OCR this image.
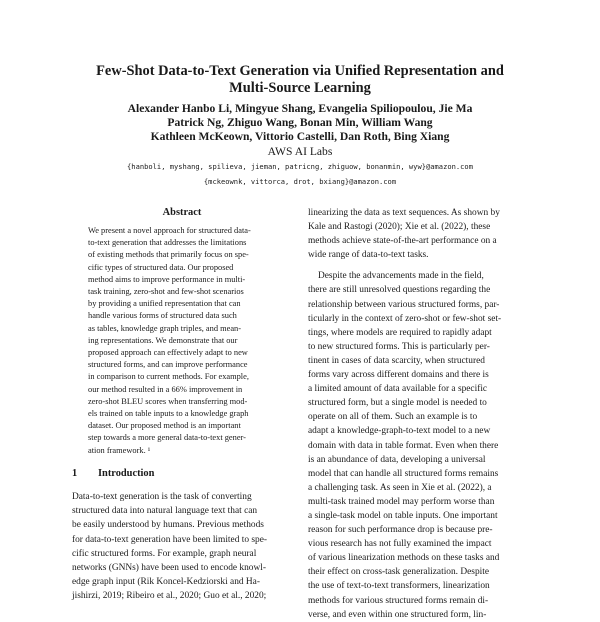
Few-Shot Data-to-Text Generation via Unified Representation and
Multi-Source Learning
Alexander Hanbo Li, Mingyue Shang, Evangelia Spiliopoulou, Jie Ma
Patrick Ng, Zhiguo Wang, Bonan Min, William Wang
Kathleen McKeown, Vittorio Castelli, Dan Roth, Bing Xiang
AWS AI Labs
{hanboli, myshang, spilieva, jieman, patricng, zhiguow, bonanmin, wyw}@amazon.com
{mckeownk, vittorca, drot, bxiang}@amazon.com
Abstract
We present a novel approach for structured data-
to-text generation that addresses the limitations
of existing methods that primarily focus on spe-
cific types of structured data. Our proposed
method aims to improve performance in multi-
task training, zero-shot and few-shot scenarios
by providing a unified representation that can
handle various forms of structured data such
as tables, knowledge graph triples, and mean-
ing representations. We demonstrate that our
proposed approach can effectively adapt to new
structured forms, and can improve performance
in comparison to current methods. For example,
our method resulted in a 66% improvement in
zero-shot BLEU scores when transferring mod-
els trained on table inputs to a knowledge graph
dataset. Our proposed method is an important
step towards a more general data-to-text gener-
ation framework. ¹
1 Introduction
Data-to-text generation is the task of converting
structured data into natural language text that can
be easily understood by humans. Previous methods
for data-to-text generation have been limited to spe-
cific structured forms. For example, graph neural
networks (GNNs) have been used to encode knowl-
edge graph input (Rik Koncel-Kedziorski and Ha-
jishirzi, 2019; Ribeiro et al., 2020; Guo et al., 2020;
linearizing the data as text sequences. As shown by
Kale and Rastogi (2020); Xie et al. (2022), these
methods achieve state-of-the-art performance on a
wide range of data-to-text tasks.
Despite the advancements made in the field,
there are still unresolved questions regarding the
relationship between various structured forms, par-
ticularly in the context of zero-shot or few-shot set-
tings, where models are required to rapidly adapt
to new structured forms. This is particularly per-
tinent in cases of data scarcity, when structured
forms vary across different domains and there is
a limited amount of data available for a specific
structured form, but a single model is needed to
operate on all of them. Such an example is to
adapt a knowledge-graph-to-text model to a new
domain with data in table format. Even when there
is an abundance of data, developing a universal
model that can handle all structured forms remains
a challenging task. As seen in Xie et al. (2022), a
multi-task trained model may perform worse than
a single-task model on table inputs. One important
reason for such performance drop is because pre-
vious research has not fully examined the impact
of various linearization methods on these tasks and
their effect on cross-task generalization. Despite
the use of text-to-text transformers, linearization
methods for various structured forms remain di-
verse, and even within one structured form, lin-
